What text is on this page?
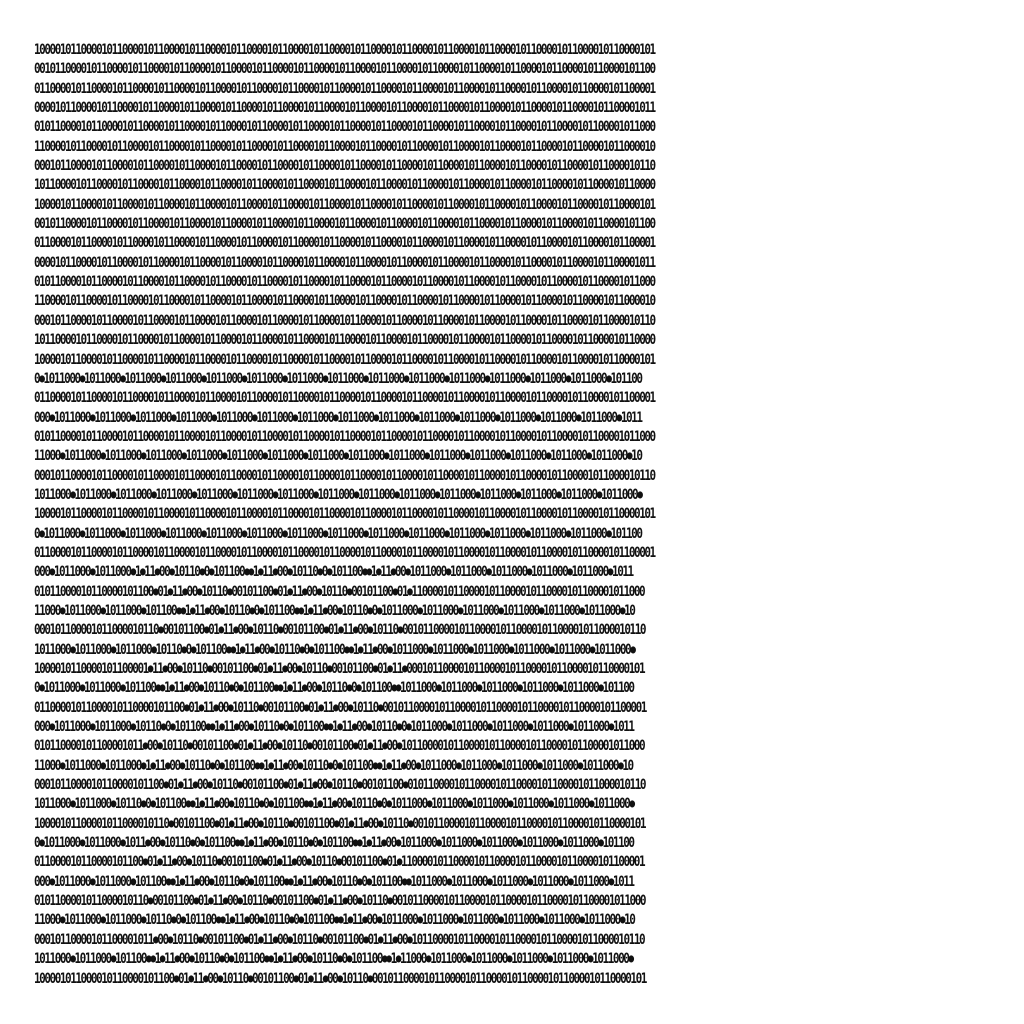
100001011000010110000101100001011000010110000101100001011000010110000101100001011000010110000101100001011000010110000101
001011000010110000101100001011000010110000101100001011000010110000101100001011000010110000101100001011000010110000101100
011000010110000101100001011000010110000101100001011000010110000101100001011000010110000101100001011000010110000101100001
000010110000101100001011000010110000101100001011000010110000101100001011000010110000101100001011000010110000101100001011
010110000101100001011000010110000101100001011000010110000101100001011000010110000101100001011000010110000101100001011000
110000101100001011000010110000101100001011000010110000101100001011000010110000101100001011000010110000101100001011000010
000101100001011000010110000101100001011000010110000101100001011000010110000101100001011000010110000101100001011000010110
101100001011000010110000101100001011000010110000101100001011000010110000101100001011000010110000101100001011000010110000
100001011000010110000101100001011000010110000101100001011000010110000101100001011000010110000101100001011000010110000101
001011000010110000101100001011000010110000101100001011000010110000101100001011000010110000101100001011000010110000101100
011000010110000101100001011000010110000101100001011000010110000101100001011000010110000101100001011000010110000101100001
000010110000101100001011000010110000101100001011000010110000101100001011000010110000101100001011000010110000101100001011
010110000101100001011000010110000101100001011000010110000101100001011000010110000101100001011000010110000101100001011000
110000101100001011000010110000101100001011000010110000101100001011000010110000101100001011000010110000101100001011000010
000101100001011000010110000101100001011000010110000101100001011000010110000101100001011000010110000101100001011000010110
101100001011000010110000101100001011000010110000101100001011000010110000101100001011000010110000101100001011000010110000
100001011000010110000101100001011000010110000101100001011000010110000101100001011000010110000101100001011000010110000101
0●1011000●1011000●1011000●1011000●1011000●1011000●1011000●1011000●1011000●1011000●1011000●1011000●1011000●1011000●101100
011000010110000101100001011000010110000101100001011000010110000101100001011000010110000101100001011000010110000101100001
000●1011000●1011000●1011000●1011000●1011000●1011000●1011000●1011000●1011000●1011000●1011000●1011000●1011000●1011000●1011
010110000101100001011000010110000101100001011000010110000101100001011000010110000101100001011000010110000101100001011000
11000●1011000●1011000●1011000●1011000●1011000●1011000●1011000●1011000●1011000●1011000●1011000●1011000●1011000●1011000●10
000101100001011000010110000101100001011000010110000101100001011000010110000101100001011000010110000101100001011000010110
1011000●1011000●1011000●1011000●1011000●1011000●1011000●1011000●1011000●1011000●1011000●1011000●1011000●1011000●1011000●
100001011000010110000101100001011000010110000101100001011000010110000101100001011000010110000101100001011000010110000101
0●1011000●1011000●1011000●1011000●1011000●1011000●1011000●1011000●1011000●1011000●1011000●1011000●1011000●1011000●101100
011000010110000101100001011000010110000101100001011000010110000101100001011000010110000101100001011000010110000101100001
000●1011000●1011000●1●11●00●10110●0●101100●●1●11●00●10110●0●101100●●1●11●00●1011000●1011000●1011000●1011000●1011000●1011
01011000010110000101100●01●11●00●10110●00101100●01●11●00●10110●00101100●01●110000101100001011000010110000101100001011000
11000●1011000●1011000●101100●●1●11●00●10110●0●101100●●1●11●00●10110●0●1011000●1011000●1011000●1011000●1011000●1011000●10
000101100001011000010110●00101100●01●11●00●10110●00101100●01●11●00●10110●00101100001011000010110000101100001011000010110
1011000●1011000●1011000●10110●0●101100●●1●11●00●10110●0●101100●●1●11●00●1011000●1011000●1011000●1011000●1011000●1011000●
1000010110000101100001●11●00●10110●00101100●01●11●00●10110●00101100●01●11●0001011000010110000101100001011000010110000101
0●1011000●1011000●101100●●1●11●00●10110●0●101100●●1●11●00●10110●0●101100●●1011000●1011000●1011000●1011000●1011000●101100
01100001011000010110000101100●01●11●00●10110●00101100●01●11●00●10110●001011000010110000101100001011000010110000101100001
000●1011000●1011000●10110●0●101100●●1●11●00●10110●0●101100●●1●11●00●10110●0●1011000●1011000●1011000●1011000●1011000●1011
010110000101100001011●00●10110●00101100●01●11●00●10110●00101100●01●11●00●10110000101100001011000010110000101100001011000
11000●1011000●1011000●1●11●00●10110●0●101100●●1●11●00●10110●0●101100●●1●11●00●1011000●1011000●1011000●1011000●1011000●10
0001011000010110000101100●01●11●00●10110●00101100●01●11●00●10110●00101100●0101100001011000010110000101100001011000010110
1011000●1011000●10110●0●101100●●1●11●00●10110●0●101100●●1●11●00●10110●0●1011000●1011000●1011000●1011000●1011000●1011000●
10000101100001011000010110●00101100●01●11●00●10110●00101100●01●11●00●10110●001011000010110000101100001011000010110000101
0●1011000●1011000●1011●00●10110●0●101100●●1●11●00●10110●0●101100●●1●11●00●1011000●1011000●1011000●1011000●1011000●101100
011000010110000101100●01●11●00●10110●00101100●01●11●00●10110●00101100●01●11000010110000101100001011000010110000101100001
000●1011000●1011000●101100●●1●11●00●10110●0●101100●●1●11●00●10110●0●101100●●1011000●1011000●1011000●1011000●1011000●1011
0101100001011000010110●00101100●01●11●00●10110●00101100●01●11●00●10110●0010110000101100001011000010110000101100001011000
11000●1011000●1011000●10110●0●101100●●1●11●00●10110●0●101100●●1●11●00●1011000●1011000●1011000●1011000●1011000●1011000●10
00010110000101100001011●00●10110●00101100●01●11●00●10110●00101100●01●11●00●101100001011000010110000101100001011000010110
1011000●1011000●101100●●1●11●00●10110●0●101100●●1●11●00●10110●0●101100●●1●11000●1011000●1011000●1011000●1011000●1011000●
100001011000010110000101100●01●11●00●10110●00101100●01●11●00●10110●00101100001011000010110000101100001011000010110000101
